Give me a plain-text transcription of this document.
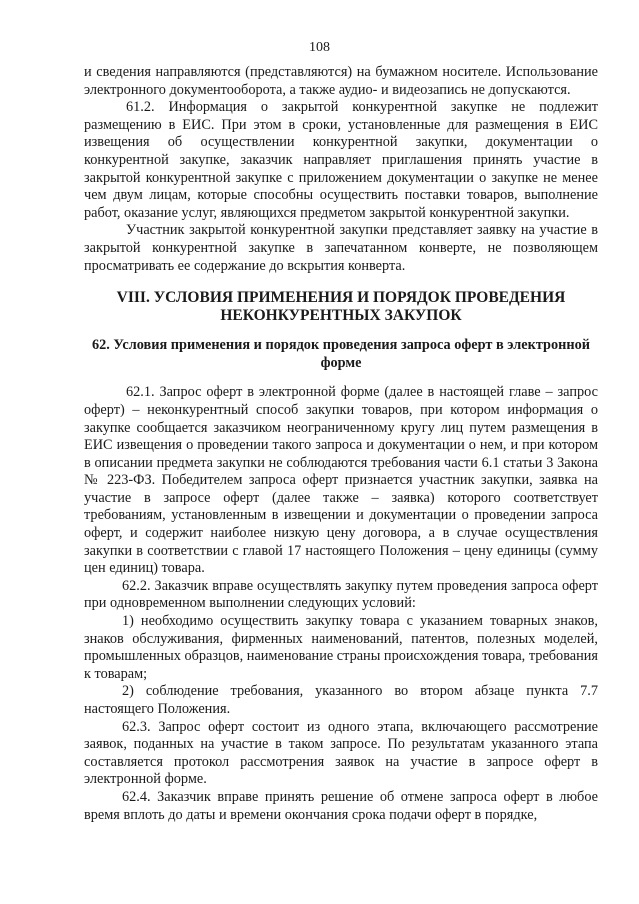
108

и сведения направляются (представляются) на бумажном носителе. Использование электронного документооборота, а также аудио- и видеозапись не допускаются.

61.2. Информация о закрытой конкурентной закупке не подлежит размещению в ЕИС. При этом в сроки, установленные для размещения в ЕИС извещения об осуществлении конкурентной закупки, документации о конкурентной закупке, заказчик направляет приглашения принять участие в закрытой конкурентной закупке с приложением документации о закупке не менее чем двум лицам, которые способны осуществить поставки товаров, выполнение работ, оказание услуг, являющихся предметом закрытой конкурентной закупки.

Участник закрытой конкурентной закупки представляет заявку на участие в закрытой конкурентной закупке в запечатанном конверте, не позволяющем просматривать ее содержание до вскрытия конверта.

VIII. УСЛОВИЯ ПРИМЕНЕНИЯ И ПОРЯДОК ПРОВЕДЕНИЯ НЕКОНКУРЕНТНЫХ ЗАКУПОК

62. Условия применения и порядок проведения запроса оферт в электронной форме

62.1. Запрос оферт в электронной форме (далее в настоящей главе – запрос оферт) – неконкурентный способ закупки товаров, при котором информация о закупке сообщается заказчиком неограниченному кругу лиц путем размещения в ЕИС извещения о проведении такого запроса и документации о нем, и при котором в описании предмета закупки не соблюдаются требования части 6.1 статьи 3 Закона № 223-ФЗ. Победителем запроса оферт признается участник закупки, заявка на участие в запросе оферт (далее также – заявка) которого соответствует требованиям, установленным в извещении и документации о проведении запроса оферт, и содержит наиболее низкую цену договора, а в случае осуществления закупки в соответствии с главой 17 настоящего Положения – цену единицы (сумму цен единиц) товара.

62.2. Заказчик вправе осуществлять закупку путем проведения запроса оферт при одновременном выполнении следующих условий:

1) необходимо осуществить закупку товара с указанием товарных знаков, знаков обслуживания, фирменных наименований, патентов, полезных моделей, промышленных образцов, наименование страны происхождения товара, требования к товарам;

2) соблюдение требования, указанного во втором абзаце пункта 7.7 настоящего Положения.

62.3. Запрос оферт состоит из одного этапа, включающего рассмотрение заявок, поданных на участие в таком запросе. По результатам указанного этапа составляется протокол рассмотрения заявок на участие в запросе оферт в электронной форме.

62.4. Заказчик вправе принять решение об отмене запроса оферт в любое время вплоть до даты и времени окончания срока подачи оферт в порядке,
